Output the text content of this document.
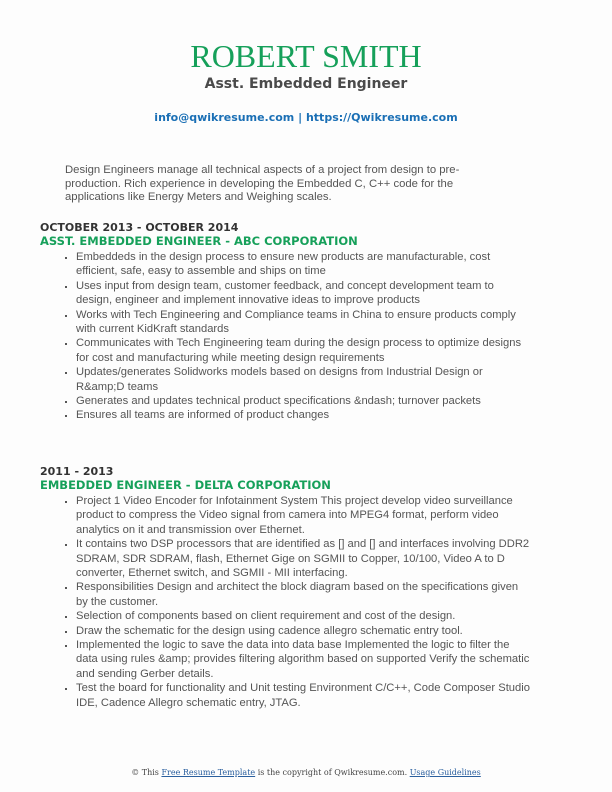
ROBERT SMITH
Asst. Embedded Engineer
info@qwikresume.com | https://Qwikresume.com
Design Engineers manage all technical aspects of a project from design to pre-production. Rich experience in developing the Embedded C, C++ code for the applications like Energy Meters and Weighing scales.
OCTOBER 2013 - OCTOBER 2014
ASST. EMBEDDED ENGINEER - ABC CORPORATION
▪ Embeddeds in the design process to ensure new products are manufacturable, cost efficient, safe, easy to assemble and ships on time
▪ Uses input from design team, customer feedback, and concept development team to design, engineer and implement innovative ideas to improve products
▪ Works with Tech Engineering and Compliance teams in China to ensure products comply with current KidKraft standards
▪ Communicates with Tech Engineering team during the design process to optimize designs for cost and manufacturing while meeting design requirements
▪ Updates/generates Solidworks models based on designs from Industrial Design or R&amp;D teams
▪ Generates and updates technical product specifications &ndash; turnover packets
▪ Ensures all teams are informed of product changes
2011 - 2013
EMBEDDED ENGINEER - DELTA CORPORATION
▪ Project 1 Video Encoder for Infotainment System This project develop video surveillance product to compress the Video signal from camera into MPEG4 format, perform video analytics on it and transmission over Ethernet.
▪ It contains two DSP processors that are identified as [] and [] and interfaces involving DDR2 SDRAM, SDR SDRAM, flash, Ethernet Gige on SGMII to Copper, 10/100, Video A to D converter, Ethernet switch, and SGMII - MII interfacing.
▪ Responsibilities Design and architect the block diagram based on the specifications given by the customer.
▪ Selection of components based on client requirement and cost of the design.
▪ Draw the schematic for the design using cadence allegro schematic entry tool.
▪ Implemented the logic to save the data into data base Implemented the logic to filter the data using rules &amp; provides filtering algorithm based on supported Verify the schematic and sending Gerber details.
▪ Test the board for functionality and Unit testing Environment C/C++, Code Composer Studio IDE, Cadence Allegro schematic entry, JTAG.
© This Free Resume Template is the copyright of Qwikresume.com. Usage Guidelines
